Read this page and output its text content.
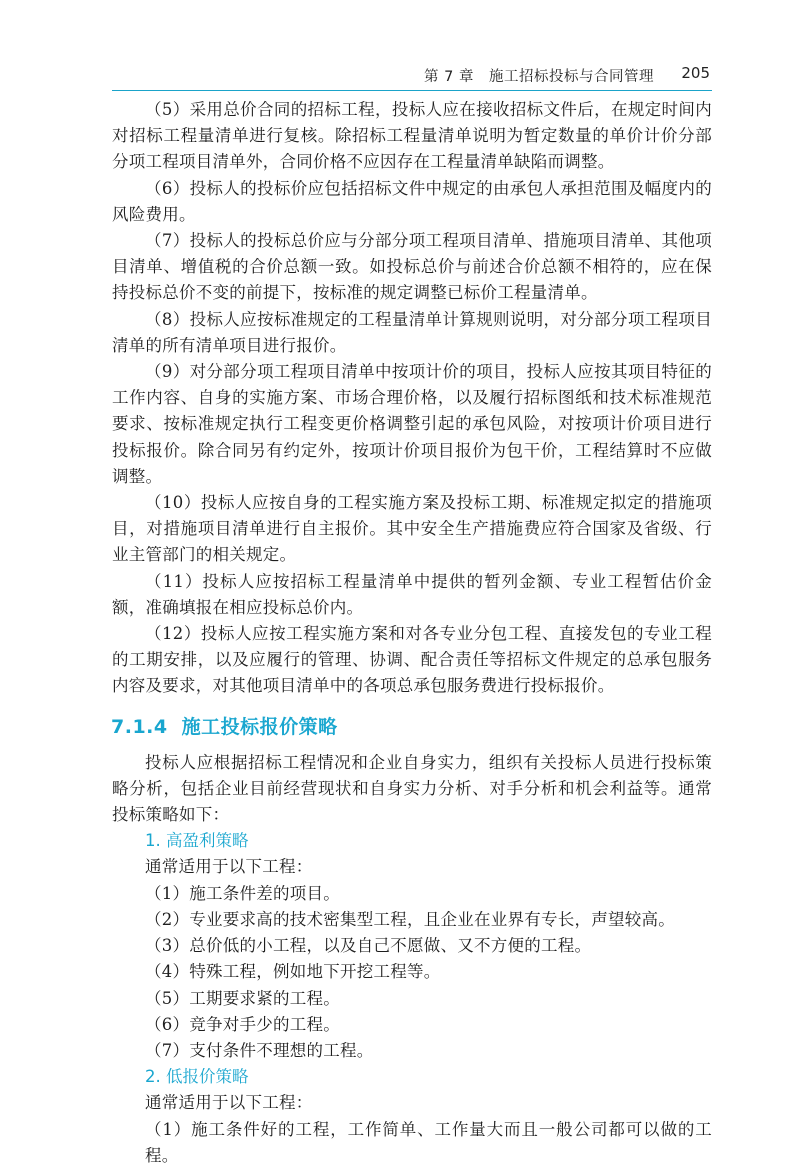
第 7 章　施工招标投标与合同管理 205

（5）采用总价合同的招标工程，投标人应在接收招标文件后，在规定时间内对招标工程量清单进行复核。除招标工程量清单说明为暂定数量的单价计价分部分项工程项目清单外，合同价格不应因存在工程量清单缺陷而调整。

（6）投标人的投标价应包括招标文件中规定的由承包人承担范围及幅度内的风险费用。

（7）投标人的投标总价应与分部分项工程项目清单、措施项目清单、其他项目清单、增值税的合价总额一致。如投标总价与前述合价总额不相符的，应在保持投标总价不变的前提下，按标准的规定调整已标价工程量清单。

（8）投标人应按标准规定的工程量清单计算规则说明，对分部分项工程项目清单的所有清单项目进行报价。

（9）对分部分项工程项目清单中按项计价的项目，投标人应按其项目特征的工作内容、自身的实施方案、市场合理价格，以及履行招标图纸和技术标准规范要求、按标准规定执行工程变更价格调整引起的承包风险，对按项计价项目进行投标报价。除合同另有约定外，按项计价项目报价为包干价，工程结算时不应做调整。

（10）投标人应按自身的工程实施方案及投标工期、标准规定拟定的措施项目，对措施项目清单进行自主报价。其中安全生产措施费应符合国家及省级、行业主管部门的相关规定。

（11）投标人应按招标工程量清单中提供的暂列金额、专业工程暂估价金额，准确填报在相应投标总价内。

（12）投标人应按工程实施方案和对各专业分包工程、直接发包的专业工程的工期安排，以及应履行的管理、协调、配合责任等招标文件规定的总承包服务内容及要求，对其他项目清单中的各项总承包服务费进行投标报价。

7.1.4 施工投标报价策略

投标人应根据招标工程情况和企业自身实力，组织有关投标人员进行投标策略分析，包括企业目前经营现状和自身实力分析、对手分析和机会利益等。通常投标策略如下：

1. 高盈利策略

通常适用于以下工程：

（1）施工条件差的项目。

（2）专业要求高的技术密集型工程，且企业在业界有专长，声望较高。

（3）总价低的小工程，以及自己不愿做、又不方便的工程。

（4）特殊工程，例如地下开挖工程等。

（5）工期要求紧的工程。

（6）竞争对手少的工程。

（7）支付条件不理想的工程。

2. 低报价策略

通常适用于以下工程：

（1）施工条件好的工程，工作简单、工作量大而且一般公司都可以做的工程。
